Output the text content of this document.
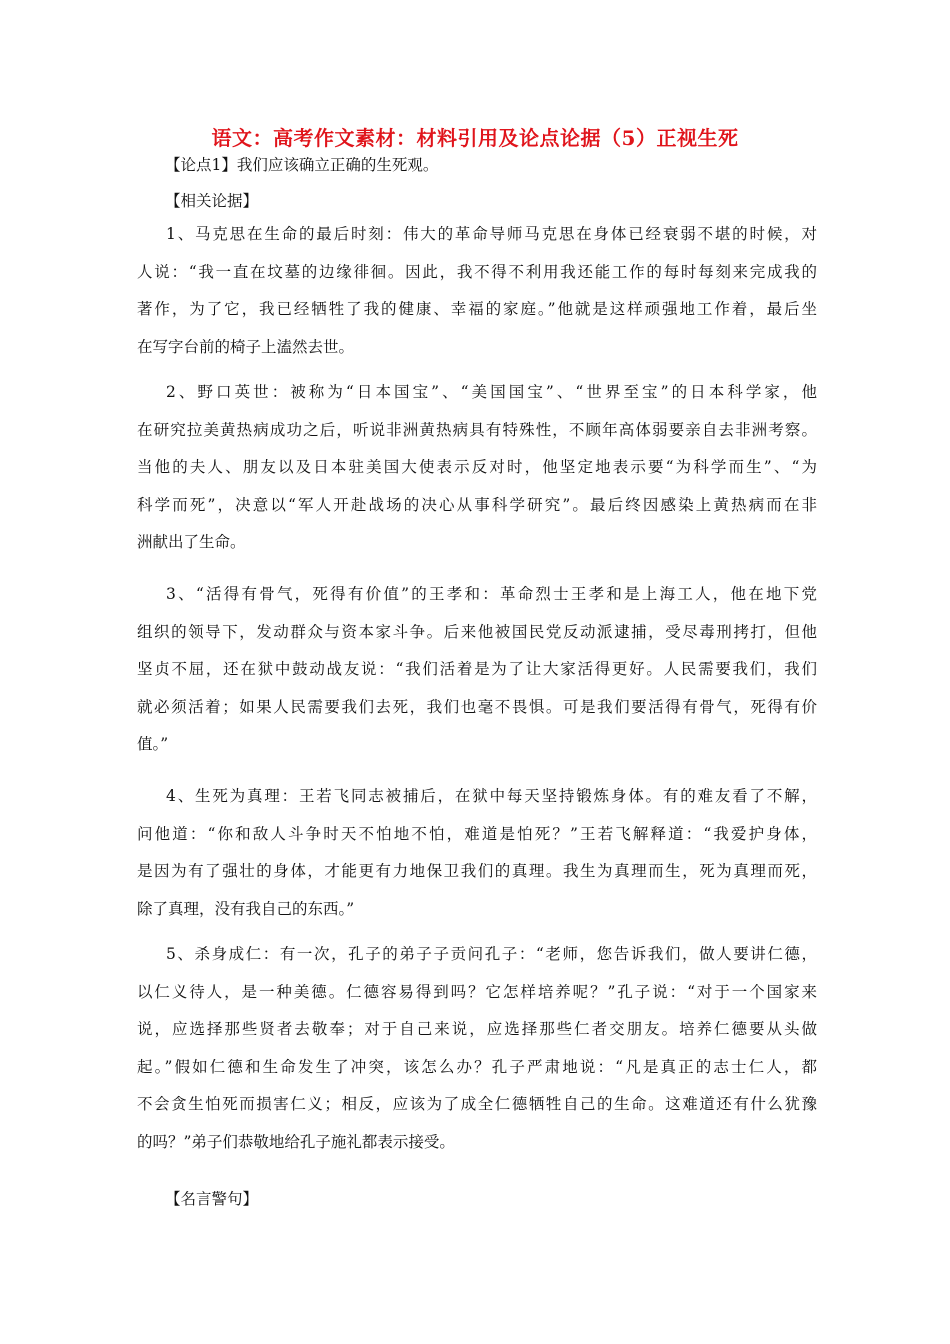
语文：高考作文素材：材料引用及论点论据（5）正视生死
【论点1】我们应该确立正确的生死观。
【相关论据】
1、马克思在生命的最后时刻：伟大的革命导师马克思在身体已经衰弱不堪的时候，对
人说：“我一直在坟墓的边缘徘徊。因此，我不得不利用我还能工作的每时每刻来完成我的
著作，为了它，我已经牺牲了我的健康、幸福的家庭。”他就是这样顽强地工作着，最后坐
在写字台前的椅子上溘然去世。
2、野口英世：被称为“日本国宝”、“美国国宝”、“世界至宝”的日本科学家，他
在研究拉美黄热病成功之后，听说非洲黄热病具有特殊性，不顾年高体弱要亲自去非洲考察。
当他的夫人、朋友以及日本驻美国大使表示反对时，他坚定地表示要“为科学而生”、“为
科学而死”，决意以“军人开赴战场的决心从事科学研究”。最后终因感染上黄热病而在非
洲献出了生命。
3、“活得有骨气，死得有价值”的王孝和：革命烈士王孝和是上海工人，他在地下党
组织的领导下，发动群众与资本家斗争。后来他被国民党反动派逮捕，受尽毒刑拷打，但他
坚贞不屈，还在狱中鼓动战友说：“我们活着是为了让大家活得更好。人民需要我们，我们
就必须活着；如果人民需要我们去死，我们也毫不畏惧。可是我们要活得有骨气，死得有价
值。”
4、生死为真理：王若飞同志被捕后，在狱中每天坚持锻炼身体。有的难友看了不解，
问他道：“你和敌人斗争时天不怕地不怕，难道是怕死？”王若飞解释道：“我爱护身体，
是因为有了强壮的身体，才能更有力地保卫我们的真理。我生为真理而生，死为真理而死，
除了真理，没有我自己的东西。”
5、杀身成仁：有一次，孔子的弟子子贡问孔子：“老师，您告诉我们，做人要讲仁德，
以仁义待人，是一种美德。仁德容易得到吗？它怎样培养呢？”孔子说：“对于一个国家来
说，应选择那些贤者去敬奉；对于自己来说，应选择那些仁者交朋友。培养仁德要从头做
起。”假如仁德和生命发生了冲突，该怎么办？孔子严肃地说：“凡是真正的志士仁人，都
不会贪生怕死而损害仁义；相反，应该为了成全仁德牺牲自己的生命。这难道还有什么犹豫
的吗？”弟子们恭敬地给孔子施礼都表示接受。
【名言警句】
